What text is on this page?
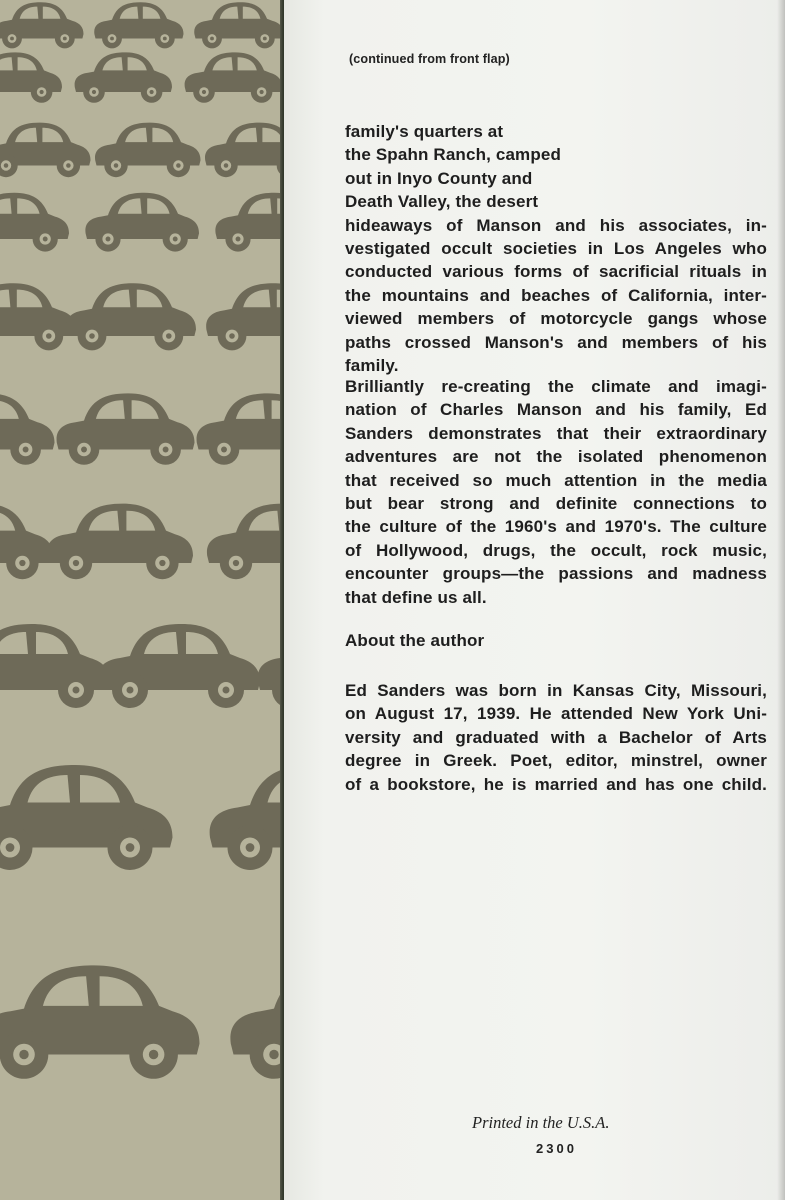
(continued from front flap)
family's quarters at
the Spahn Ranch, camped
out in Inyo County and
Death Valley, the desert
hideaways of Manson and his associates, in-
vestigated occult societies in Los Angeles who
conducted various forms of sacrificial rituals in
the mountains and beaches of California, inter-
viewed members of motorcycle gangs whose
paths crossed Manson's and members of his
family.
Brilliantly re-creating the climate and imagi-
nation of Charles Manson and his family, Ed
Sanders demonstrates that their extraordinary
adventures are not the isolated phenomenon
that received so much attention in the media
but bear strong and definite connections to
the culture of the 1960's and 1970's. The culture
of Hollywood, drugs, the occult, rock music,
encounter groups—the passions and madness
that define us all.
About the author
Ed Sanders was born in Kansas City, Missouri,
on August 17, 1939. He attended New York Uni-
versity and graduated with a Bachelor of Arts
degree in Greek. Poet, editor, minstrel, owner
of a bookstore, he is married and has one child.
Printed in the U.S.A.
2300
